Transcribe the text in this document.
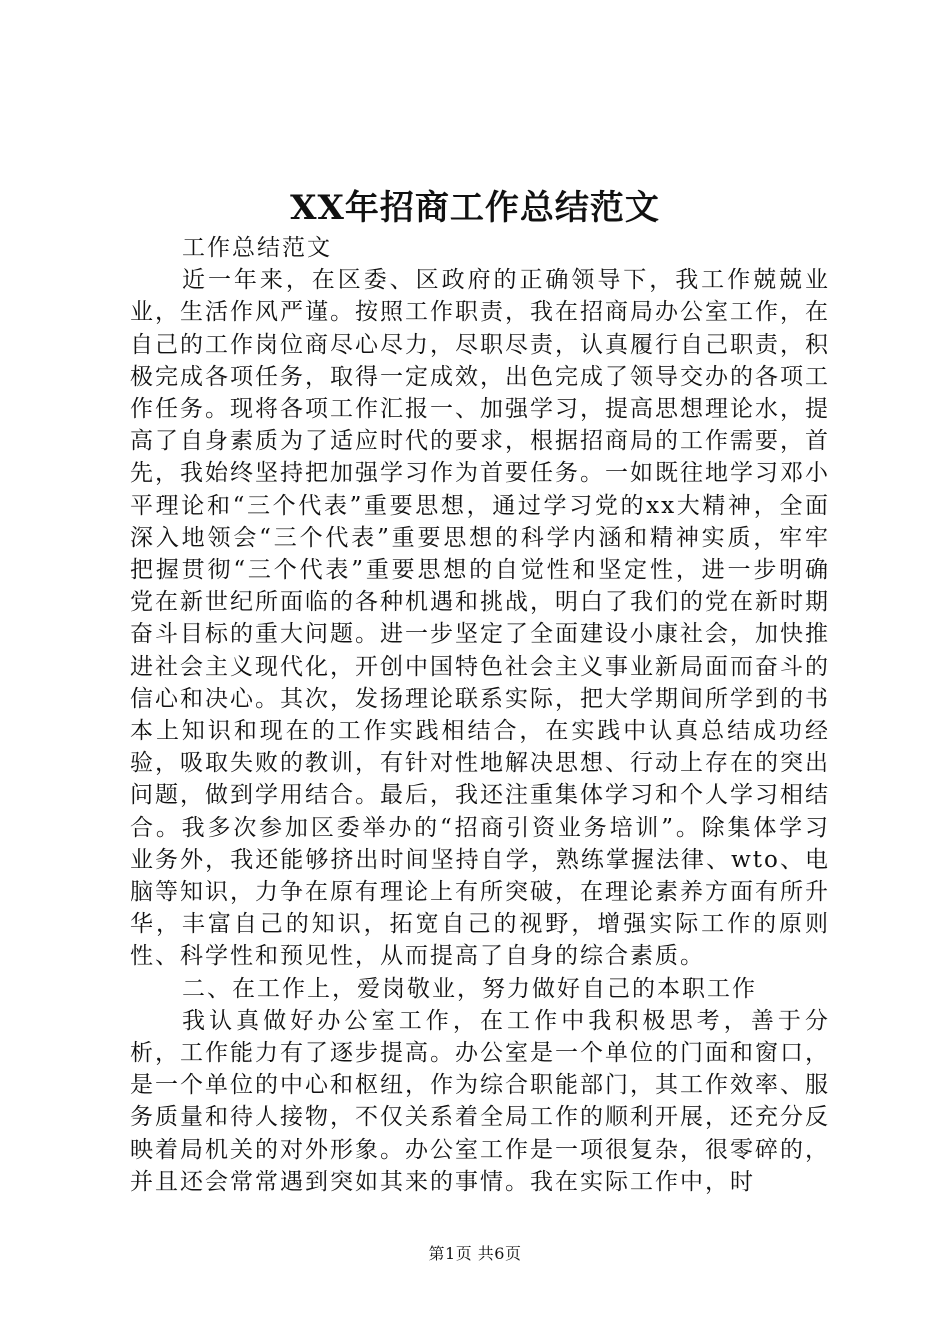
XX年招商工作总结范文

工作总结范文

近一年来，在区委、区政府的正确领导下，我工作兢兢业业，生活作风严谨。按照工作职责，我在招商局办公室工作，在自己的工作岗位商尽心尽力，尽职尽责，认真履行自己职责，积极完成各项任务，取得一定成效，出色完成了领导交办的各项工作任务。现将各项工作汇报一、加强学习，提高思想理论水，提高了自身素质为了适应时代的要求，根据招商局的工作需要，首先，我始终坚持把加强学习作为首要任务。一如既往地学习邓小平理论和“三个代表”重要思想，通过学习党的xx大精神，全面深入地领会“三个代表”重要思想的科学内涵和精神实质，牢牢把握贯彻“三个代表”重要思想的自觉性和坚定性，进一步明确党在新世纪所面临的各种机遇和挑战，明白了我们的党在新时期奋斗目标的重大问题。进一步坚定了全面建设小康社会，加快推进社会主义现代化，开创中国特色社会主义事业新局面而奋斗的信心和决心。其次，发扬理论联系实际，把大学期间所学到的书本上知识和现在的工作实践相结合，在实践中认真总结成功经验，吸取失败的教训，有针对性地解决思想、行动上存在的突出问题，做到学用结合。最后，我还注重集体学习和个人学习相结合。我多次参加区委举办的“招商引资业务培训”。除集体学习业务外，我还能够挤出时间坚持自学，熟练掌握法律、wto、电脑等知识，力争在原有理论上有所突破，在理论素养方面有所升华，丰富自己的知识，拓宽自己的视野，增强实际工作的原则性、科学性和预见性，从而提高了自身的综合素质。

二、在工作上，爱岗敬业，努力做好自己的本职工作

我认真做好办公室工作，在工作中我积极思考，善于分析，工作能力有了逐步提高。办公室是一个单位的门面和窗口，是一个单位的中心和枢纽，作为综合职能部门，其工作效率、服务质量和待人接物，不仅关系着全局工作的顺利开展，还充分反映着局机关的对外形象。办公室工作是一项很复杂，很零碎的，并且还会常常遇到突如其来的事情。我在实际工作中，时

第1页 共6页
